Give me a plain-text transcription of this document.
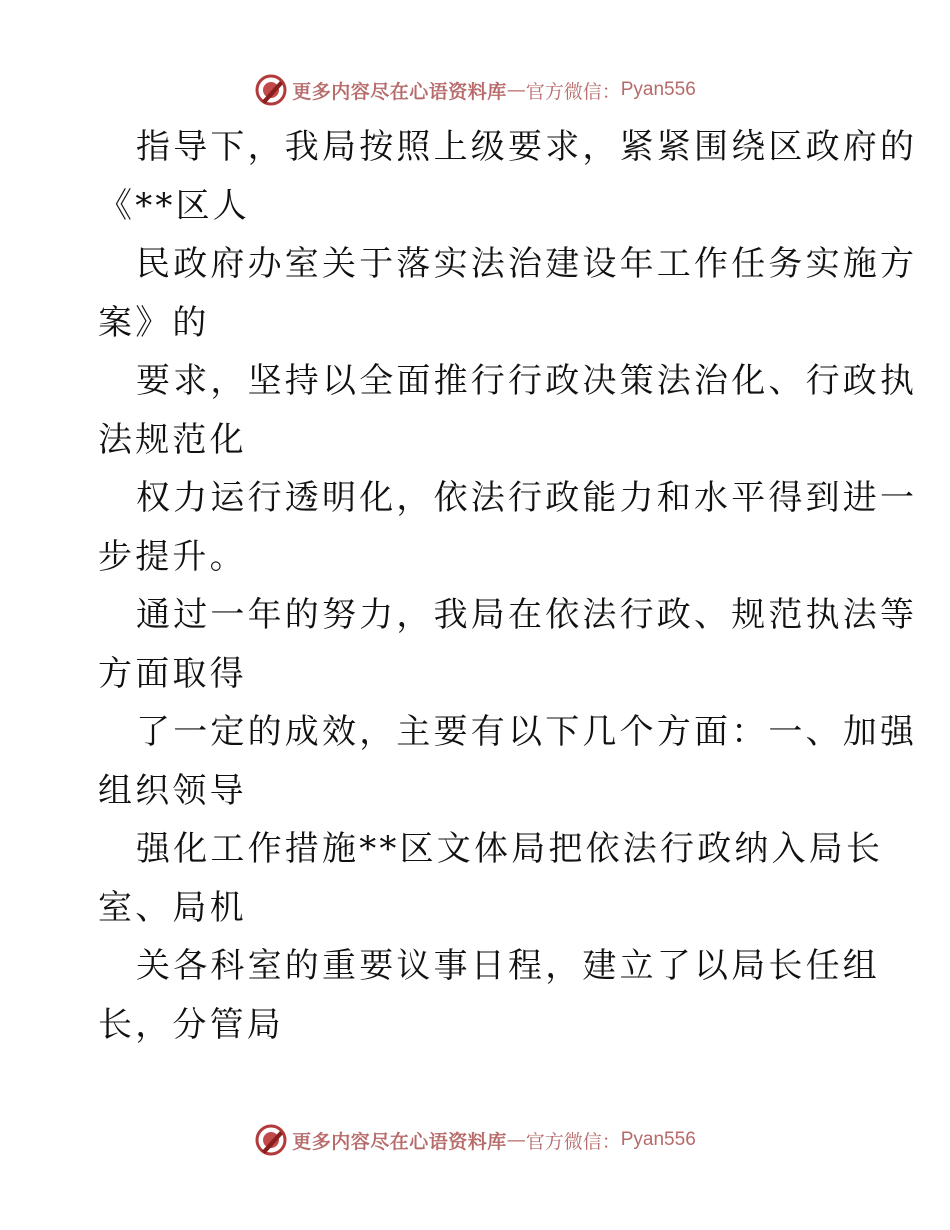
更多内容尽在心语资料库 — 官方微信： Pyan556

指导下，我局按照上级要求，紧紧围绕区政府的

《**区人

民政府办室关于落实法治建设年工作任务实施方

案》的

要求，坚持以全面推行行政决策法治化、行政执

法规范化

权力运行透明化，依法行政能力和水平得到进一

步提升。

通过一年的努力，我局在依法行政、规范执法等

方面取得

了一定的成效，主要有以下几个方面：一、加强

组织领导

强化工作措施**区文体局把依法行政纳入局长

室、局机

关各科室的重要议事日程，建立了以局长任组

长，分管局

更多内容尽在心语资料库 — 官方微信： Pyan556
